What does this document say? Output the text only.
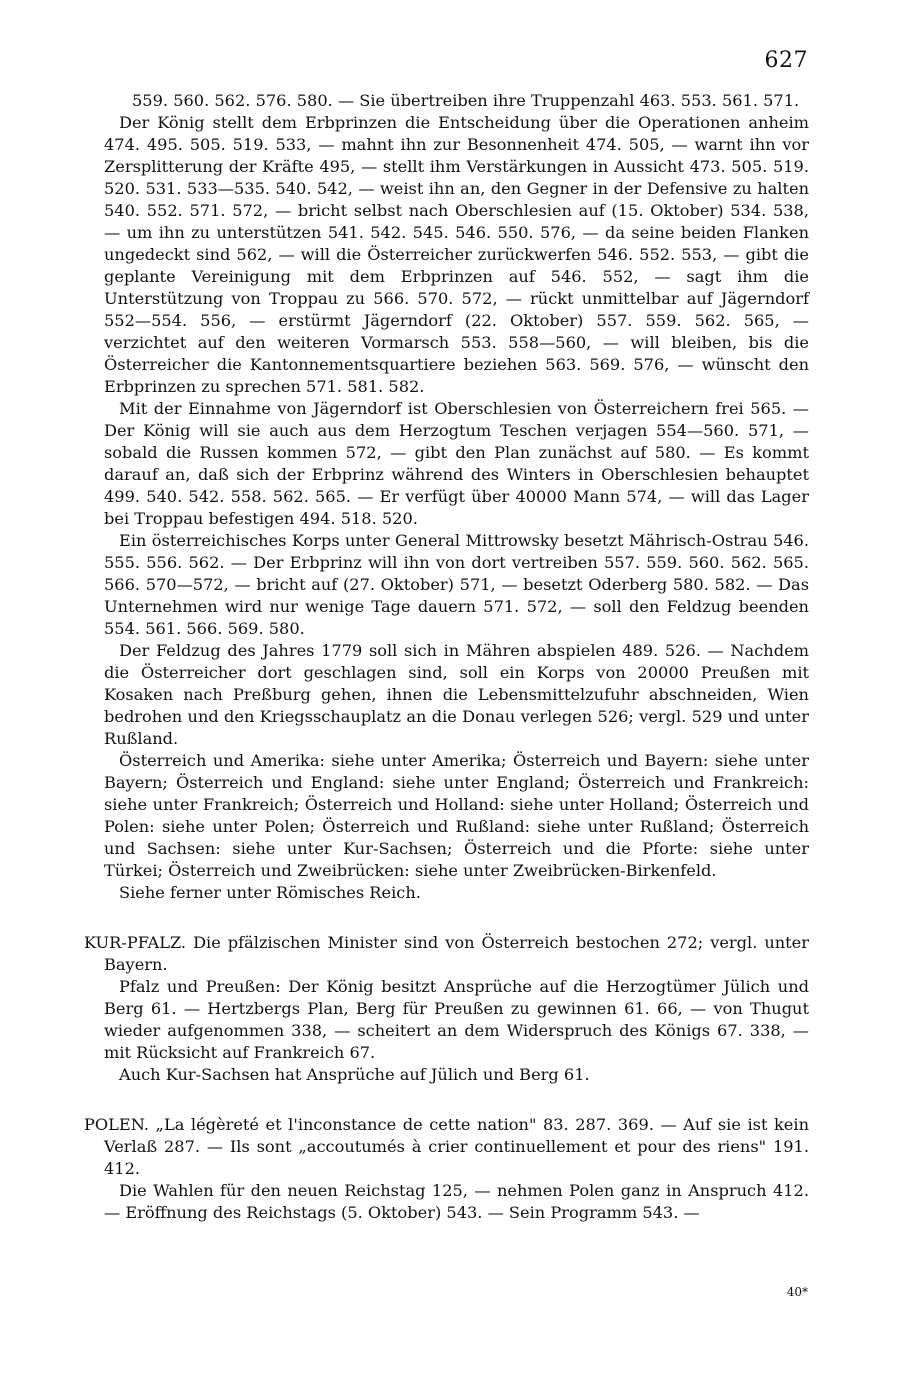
627

559. 560. 562. 576. 580. — Sie übertreiben ihre Truppenzahl 463. 553. 561. 571.

Der König stellt dem Erbprinzen die Entscheidung über die Operationen anheim 474. 495. 505. 519. 533, — mahnt ihn zur Besonnenheit 474. 505, — warnt ihn vor Zersplitterung der Kräfte 495, — stellt ihm Verstärkungen in Aussicht 473. 505. 519. 520. 531. 533—535. 540. 542, — weist ihn an, den Gegner in der Defensive zu halten 540. 552. 571. 572, — bricht selbst nach Oberschlesien auf (15. Oktober) 534. 538, — um ihn zu unterstützen 541. 542. 545. 546. 550. 576, — da seine beiden Flanken ungedeckt sind 562, — will die Österreicher zurückwerfen 546. 552. 553, — gibt die geplante Vereinigung mit dem Erbprinzen auf 546. 552, — sagt ihm die Unterstützung von Troppau zu 566. 570. 572, — rückt unmittelbar auf Jägerndorf 552—554. 556, — erstürmt Jägerndorf (22. Oktober) 557. 559. 562. 565, — verzichtet auf den weiteren Vormarsch 553. 558—560, — will bleiben, bis die Österreicher die Kantonnementsquartiere beziehen 563. 569. 576, — wünscht den Erbprinzen zu sprechen 571. 581. 582.

Mit der Einnahme von Jägerndorf ist Oberschlesien von Österreichern frei 565. — Der König will sie auch aus dem Herzogtum Teschen verjagen 554—560. 571, — sobald die Russen kommen 572, — gibt den Plan zunächst auf 580. — Es kommt darauf an, daß sich der Erbprinz während des Winters in Oberschlesien behauptet 499. 540. 542. 558. 562. 565. — Er verfügt über 40000 Mann 574, — will das Lager bei Troppau befestigen 494. 518. 520.

Ein österreichisches Korps unter General Mittrowsky besetzt Mährisch-Ostrau 546. 555. 556. 562. — Der Erbprinz will ihn von dort vertreiben 557. 559. 560. 562. 565. 566. 570—572, — bricht auf (27. Oktober) 571, — besetzt Oderberg 580. 582. — Das Unternehmen wird nur wenige Tage dauern 571. 572, — soll den Feldzug beenden 554. 561. 566. 569. 580.

Der Feldzug des Jahres 1779 soll sich in Mähren abspielen 489. 526. — Nachdem die Österreicher dort geschlagen sind, soll ein Korps von 20000 Preußen mit Kosaken nach Preßburg gehen, ihnen die Lebensmittelzufuhr abschneiden, Wien bedrohen und den Kriegsschauplatz an die Donau verlegen 526; vergl. 529 und unter Rußland.

Österreich und Amerika: siehe unter Amerika; Österreich und Bayern: siehe unter Bayern; Österreich und England: siehe unter England; Österreich und Frankreich: siehe unter Frankreich; Österreich und Holland: siehe unter Holland; Österreich und Polen: siehe unter Polen; Österreich und Rußland: siehe unter Rußland; Österreich und Sachsen: siehe unter Kur-Sachsen; Österreich und die Pforte: siehe unter Türkei; Österreich und Zweibrücken: siehe unter Zweibrücken-Birkenfeld.

Siehe ferner unter Römisches Reich.

KUR-PFALZ. Die pfälzischen Minister sind von Österreich bestochen 272; vergl. unter Bayern.

Pfalz und Preußen: Der König besitzt Ansprüche auf die Herzogtümer Jülich und Berg 61. — Hertzbergs Plan, Berg für Preußen zu gewinnen 61. 66, — von Thugut wieder aufgenommen 338, — scheitert an dem Widerspruch des Königs 67. 338, — mit Rücksicht auf Frankreich 67.

Auch Kur-Sachsen hat Ansprüche auf Jülich und Berg 61.

POLEN. „La légèreté et l'inconstance de cette nation" 83. 287. 369. — Auf sie ist kein Verlaß 287. — Ils sont „accoutumés à crier continuellement et pour des riens" 191. 412.

Die Wahlen für den neuen Reichstag 125, — nehmen Polen ganz in Anspruch 412. — Eröffnung des Reichstags (5. Oktober) 543. — Sein Programm 543. —

40*
